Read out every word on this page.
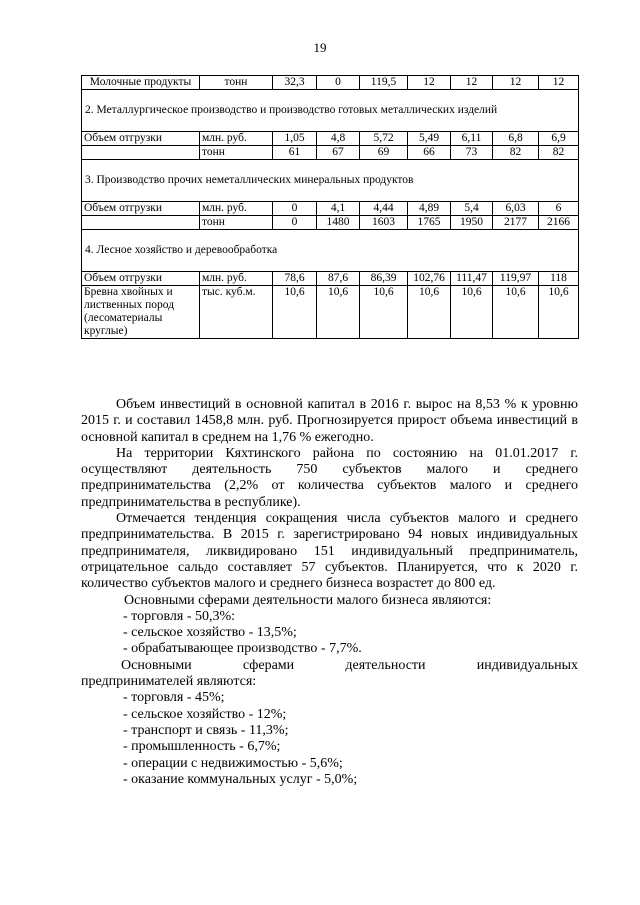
19
Молочные продукты	тонн	32,3	0	119,5	12	12	12	12
2. Металлургическое производство и производство готовых металлических изделий								
Объем отгрузки	млн. руб.	1,05	4,8	5,72	5,49	6,11	6,8	6,9
	тонн	61	67	69	66	73	82	82
3. Производство прочих неметаллических минеральных продуктов								
Объем отгрузки	млн. руб.	0	4,1	4,44	4,89	5,4	6,03	6
	тонн	0	1480	1603	1765	1950	2177	2166
4. Лесное хозяйство и деревообработка								
Объем отгрузки	млн. руб.	78,6	87,6	86,39	102,76	111,47	119,97	118
Бревна хвойных и лиственных пород (лесоматериалы круглые)	тыс. куб.м.	10,6	10,6	10,6	10,6	10,6	10,6	10,6

Объем инвестиций в основной капитал в 2016 г. вырос на 8,53 % к уровню 2015 г. и составил 1458,8 млн. руб. Прогнозируется прирост объема инвестиций в основной капитал в среднем на 1,76 % ежегодно.

На территории Кяхтинского района по состоянию на 01.01.2017 г. осуществляют деятельность 750 субъектов малого и среднего предпринимательства (2,2% от количества субъектов малого и среднего предпринимательства в республике).

Отмечается тенденция сокращения числа субъектов малого и среднего предпринимательства. В 2015 г. зарегистрировано 94 новых индивидуальных предпринимателя, ликвидировано 151 индивидуальный предприниматель, отрицательное сальдо составляет 57 субъектов. Планируется, что к 2020 г. количество субъектов малого и среднего бизнеса возрастет до 800 ед.

Основными сферами деятельности малого бизнеса являются:

- торговля - 50,3%:

- сельское хозяйство - 13,5%;

- обрабатывающее производство - 7,7%.

Основными	сферами	деятельности	индивидуальных

предпринимателей являются:

- торговля - 45%;

- сельское хозяйство - 12%;

- транспорт и связь - 11,3%;

- промышленность - 6,7%;

- операции с недвижимостью - 5,6%;

- оказание коммунальных услуг - 5,0%;
